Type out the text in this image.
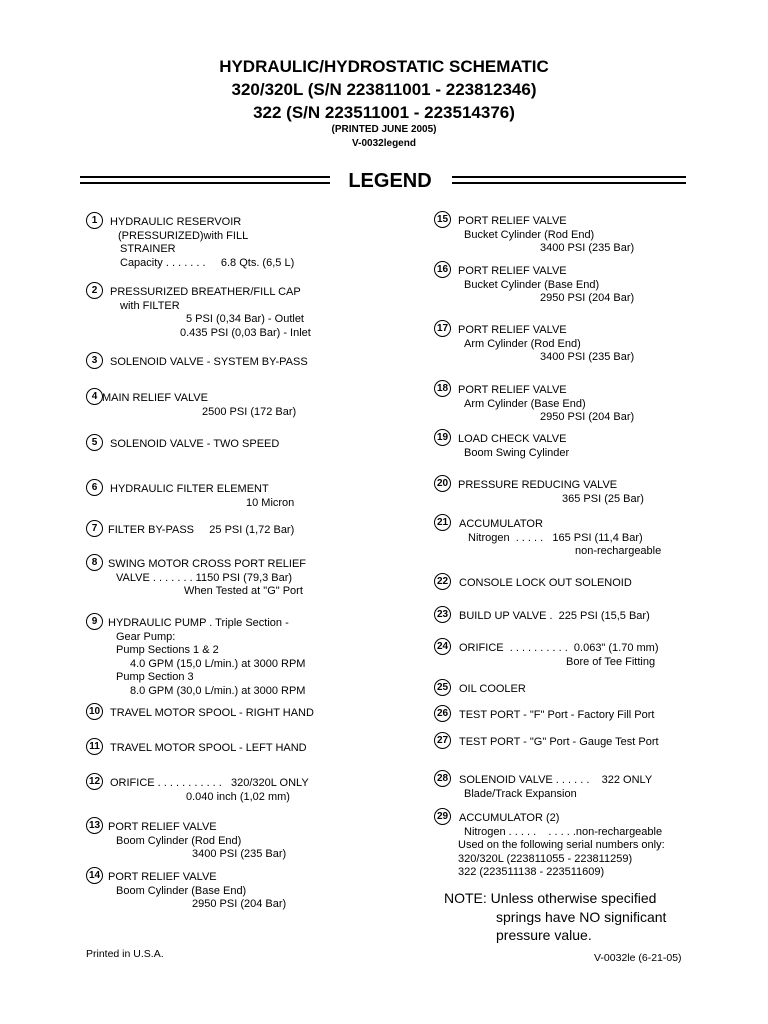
HYDRAULIC/HYDROSTATIC SCHEMATIC
320/320L (S/N 223811001 - 223812346)
322 (S/N 223511001 - 223514376)
(PRINTED JUNE 2005)
V-0032legend
LEGEND
1	HYDRAULIC RESERVOIR
(PRESSURIZED)with FILL
STRAINER
Capacity . . . . . . .     6.8 Qts. (6,5 L)
2	PRESSURIZED BREATHER/FILL CAP
with FILTER
5 PSI (0,34 Bar) - Outlet
0.435 PSI (0,03 Bar) - Inlet
3	SOLENOID VALVE - SYSTEM BY-PASS
4 MAIN RELIEF VALVE
2500 PSI (172 Bar)
5	SOLENOID VALVE - TWO SPEED
6	HYDRAULIC FILTER ELEMENT
10 Micron
7 FILTER BY-PASS     25 PSI (1,72 Bar)
8 SWING MOTOR CROSS PORT RELIEF
VALVE . . . . . . . 1150 PSI (79,3 Bar)
When Tested at "G" Port
9 HYDRAULIC PUMP . Triple Section -
Gear Pump:
Pump Sections 1 & 2
4.0 GPM (15,0 L/min.) at 3000 RPM
Pump Section 3
8.0 GPM (30,0 L/min.) at 3000 RPM
10 TRAVEL MOTOR SPOOL - RIGHT HAND
11 TRAVEL MOTOR SPOOL - LEFT HAND
12 ORIFICE . . . . . . . . . . .   320/320L ONLY
0.040 inch (1,02 mm)
13 PORT RELIEF VALVE
Boom Cylinder (Rod End)
3400 PSI (235 Bar)
14 PORT RELIEF VALVE
Boom Cylinder (Base End)
2950 PSI (204 Bar)
15 PORT RELIEF VALVE
Bucket Cylinder (Rod End)
3400 PSI (235 Bar)
16 PORT RELIEF VALVE
Bucket Cylinder (Base End)
2950 PSI (204 Bar)
17 PORT RELIEF VALVE
Arm Cylinder (Rod End)
3400 PSI (235 Bar)
18 PORT RELIEF VALVE
Arm Cylinder (Base End)
2950 PSI (204 Bar)
19 LOAD CHECK VALVE
Boom Swing Cylinder
20 PRESSURE REDUCING VALVE
365 PSI (25 Bar)
21 ACCUMULATOR
Nitrogen  . . . . .   165 PSI (11,4 Bar)
non-rechargeable
22 CONSOLE LOCK OUT SOLENOID
23 BUILD UP VALVE .  225 PSI (15,5 Bar)
24 ORIFICE  . . . . . . . . . .  0.063" (1.70 mm)
Bore of Tee Fitting
25 OIL COOLER
26 TEST PORT - "F" Port - Factory Fill Port
27 TEST PORT - "G" Port - Gauge Test Port
28 SOLENOID VALVE . . . . . .    322 ONLY
Blade/Track Expansion
29 ACCUMULATOR (2)
Nitrogen . . . . .    . . . . .non-rechargeable
Used on the following serial numbers only:
320/320L (223811055 - 223811259)
322 (223511138 - 223511609)
NOTE: Unless otherwise specified
springs have NO significant
pressure value.
Printed in U.S.A.	V-0032le (6-21-05)
